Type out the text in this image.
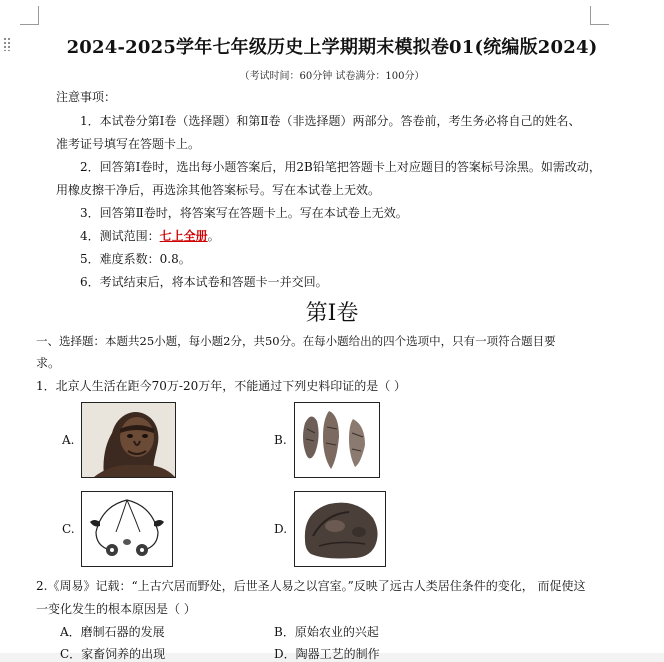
2024-2025学年七年级历史上学期期末模拟卷01(统编版2024)
（考试时间：60分钟 试卷满分：100分）
注意事项：
1．本试卷分第Ⅰ卷（选择题）和第Ⅱ卷（非选择题）两部分。答卷前，考生务必将自己的姓名、
准考证号填写在答题卡上。
2．回答第Ⅰ卷时，选出每小题答案后，用2B铅笔把答题卡上对应题目的答案标号涂黑。如需改动，
用橡皮擦干净后，再选涂其他答案标号。写在本试卷上无效。
3．回答第Ⅱ卷时，将答案写在答题卡上。写在本试卷上无效。
4．测试范围：七上全册。
5．难度系数：0.8。
6．考试结束后，将本试卷和答题卡一并交回。
第Ⅰ卷
一、选择题：本题共25小题，每小题2分，共50分。在每小题给出的四个选项中，只有一项符合题目要
求。
1．北京人生活在距今70万-20万年，不能通过下列史料印证的是（ ）
A.	B.
C.	D.
2.《周易》记载：“上古穴居而野处，后世圣人易之以宫室。”反映了远古人类居住条件的变化， 而促使这
一变化发生的根本原因是（ ）
A．磨制石器的发展	B．原始农业的兴起
C．家畜饲养的出现	D．陶器工艺的制作
